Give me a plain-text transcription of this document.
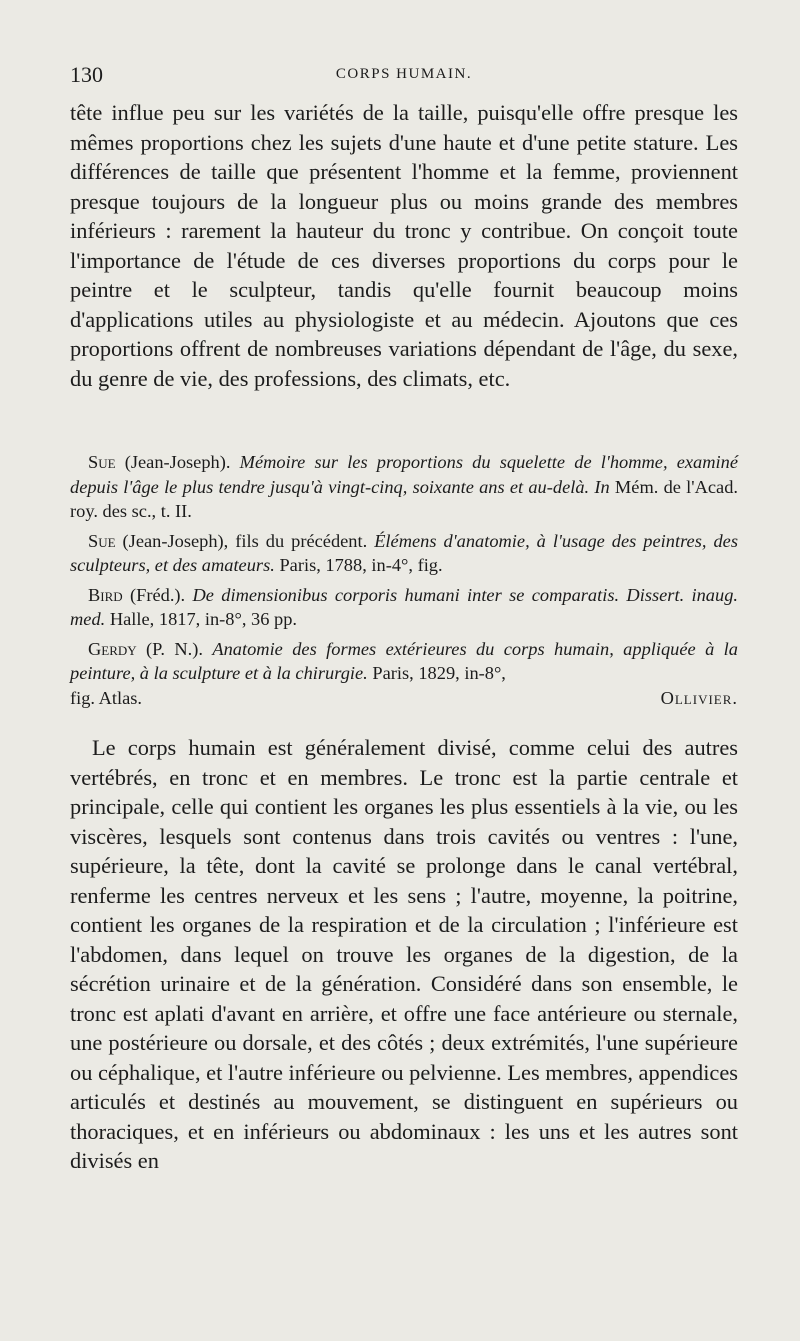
130	CORPS HUMAIN.

tête influe peu sur les variétés de la taille, puisqu'elle offre presque les mêmes proportions chez les sujets d'une haute et d'une petite stature. Les différences de taille que présentent l'homme et la femme, proviennent presque toujours de la longueur plus ou moins grande des membres inférieurs : rarement la hauteur du tronc y contribue. On conçoit toute l'importance de l'étude de ces diverses proportions du corps pour le peintre et le sculpteur, tandis qu'elle fournit beaucoup moins d'applications utiles au physiologiste et au médecin. Ajoutons que ces proportions offrent de nombreuses variations dépendant de l'âge, du sexe, du genre de vie, des professions, des climats, etc.

Sue (Jean-Joseph). Mémoire sur les proportions du squelette de l'homme, examiné depuis l'âge le plus tendre jusqu'à vingt-cinq, soixante ans et au-delà. In Mém. de l'Acad. roy. des sc., t. II.

Sue (Jean-Joseph), fils du précédent. Élémens d'anatomie, à l'usage des peintres, des sculpteurs, et des amateurs. Paris, 1788, in-4°, fig.

Bird (Fréd.). De dimensionibus corporis humani inter se comparatis. Dissert. inaug. med. Halle, 1817, in-8°, 36 pp.

Gerdy (P. N.). Anatomie des formes extérieures du corps humain, appliquée à la peinture, à la sculpture et à la chirurgie. Paris, 1829, in-8°,
fig. Atlas.	Ollivier.

Le corps humain est généralement divisé, comme celui des autres vertébrés, en tronc et en membres. Le tronc est la partie centrale et principale, celle qui contient les organes les plus essentiels à la vie, ou les viscères, lesquels sont contenus dans trois cavités ou ventres : l'une, supérieure, la tête, dont la cavité se prolonge dans le canal vertébral, renferme les centres nerveux et les sens ; l'autre, moyenne, la poitrine, contient les organes de la respiration et de la circulation ; l'inférieure est l'abdomen, dans lequel on trouve les organes de la digestion, de la sécrétion urinaire et de la génération. Considéré dans son ensemble, le tronc est aplati d'avant en arrière, et offre une face antérieure ou sternale, une postérieure ou dorsale, et des côtés ; deux extrémités, l'une supérieure ou céphalique, et l'autre inférieure ou pelvienne. Les membres, appendices articulés et destinés au mouvement, se distinguent en supérieurs ou thoraciques, et en inférieurs ou abdominaux : les uns et les autres sont divisés en
